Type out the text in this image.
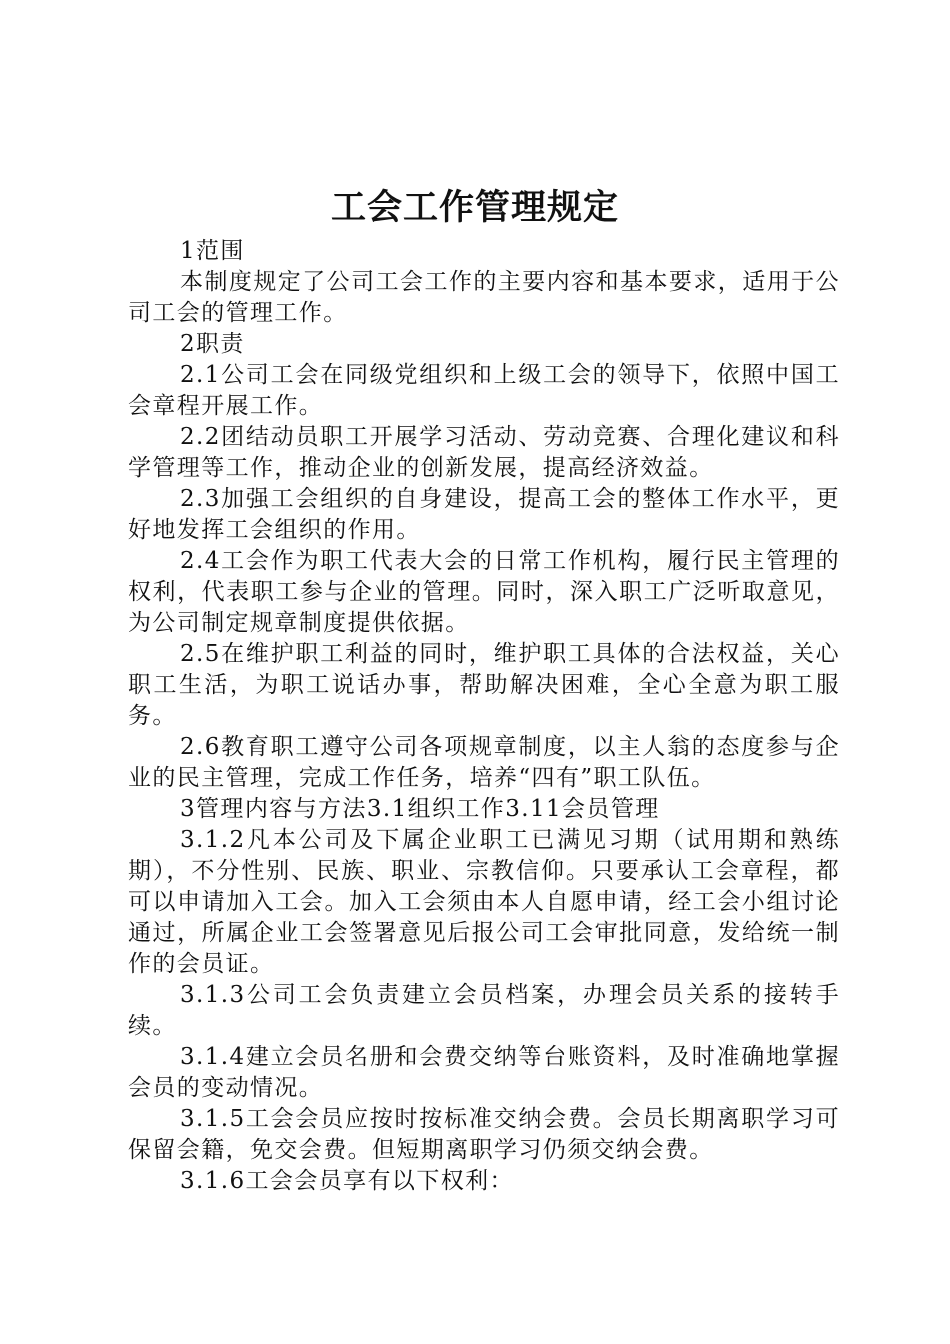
工会工作管理规定

1范围

本制度规定了公司工会工作的主要内容和基本要求，适用于公司工会的管理工作。

2职责

2.1公司工会在同级党组织和上级工会的领导下，依照中国工会章程开展工作。

2.2团结动员职工开展学习活动、劳动竞赛、合理化建议和科学管理等工作，推动企业的创新发展，提高经济效益。

2.3加强工会组织的自身建设，提高工会的整体工作水平，更好地发挥工会组织的作用。

2.4工会作为职工代表大会的日常工作机构，履行民主管理的权利，代表职工参与企业的管理。同时，深入职工广泛听取意见，为公司制定规章制度提供依据。

2.5在维护职工利益的同时，维护职工具体的合法权益，关心职工生活，为职工说话办事，帮助解决困难，全心全意为职工服务。

2.6教育职工遵守公司各项规章制度，以主人翁的态度参与企业的民主管理，完成工作任务，培养“四有”职工队伍。

3管理内容与方法3.1组织工作3.11会员管理

3.1.2凡本公司及下属企业职工已满见习期（试用期和熟练期），不分性别、民族、职业、宗教信仰。只要承认工会章程，都可以申请加入工会。加入工会须由本人自愿申请，经工会小组讨论通过，所属企业工会签署意见后报公司工会审批同意，发给统一制作的会员证。

3.1.3公司工会负责建立会员档案，办理会员关系的接转手续。

3.1.4建立会员名册和会费交纳等台账资料，及时准确地掌握会员的变动情况。

3.1.5工会会员应按时按标准交纳会费。会员长期离职学习可保留会籍，免交会费。但短期离职学习仍须交纳会费。

3.1.6工会会员享有以下权利：
